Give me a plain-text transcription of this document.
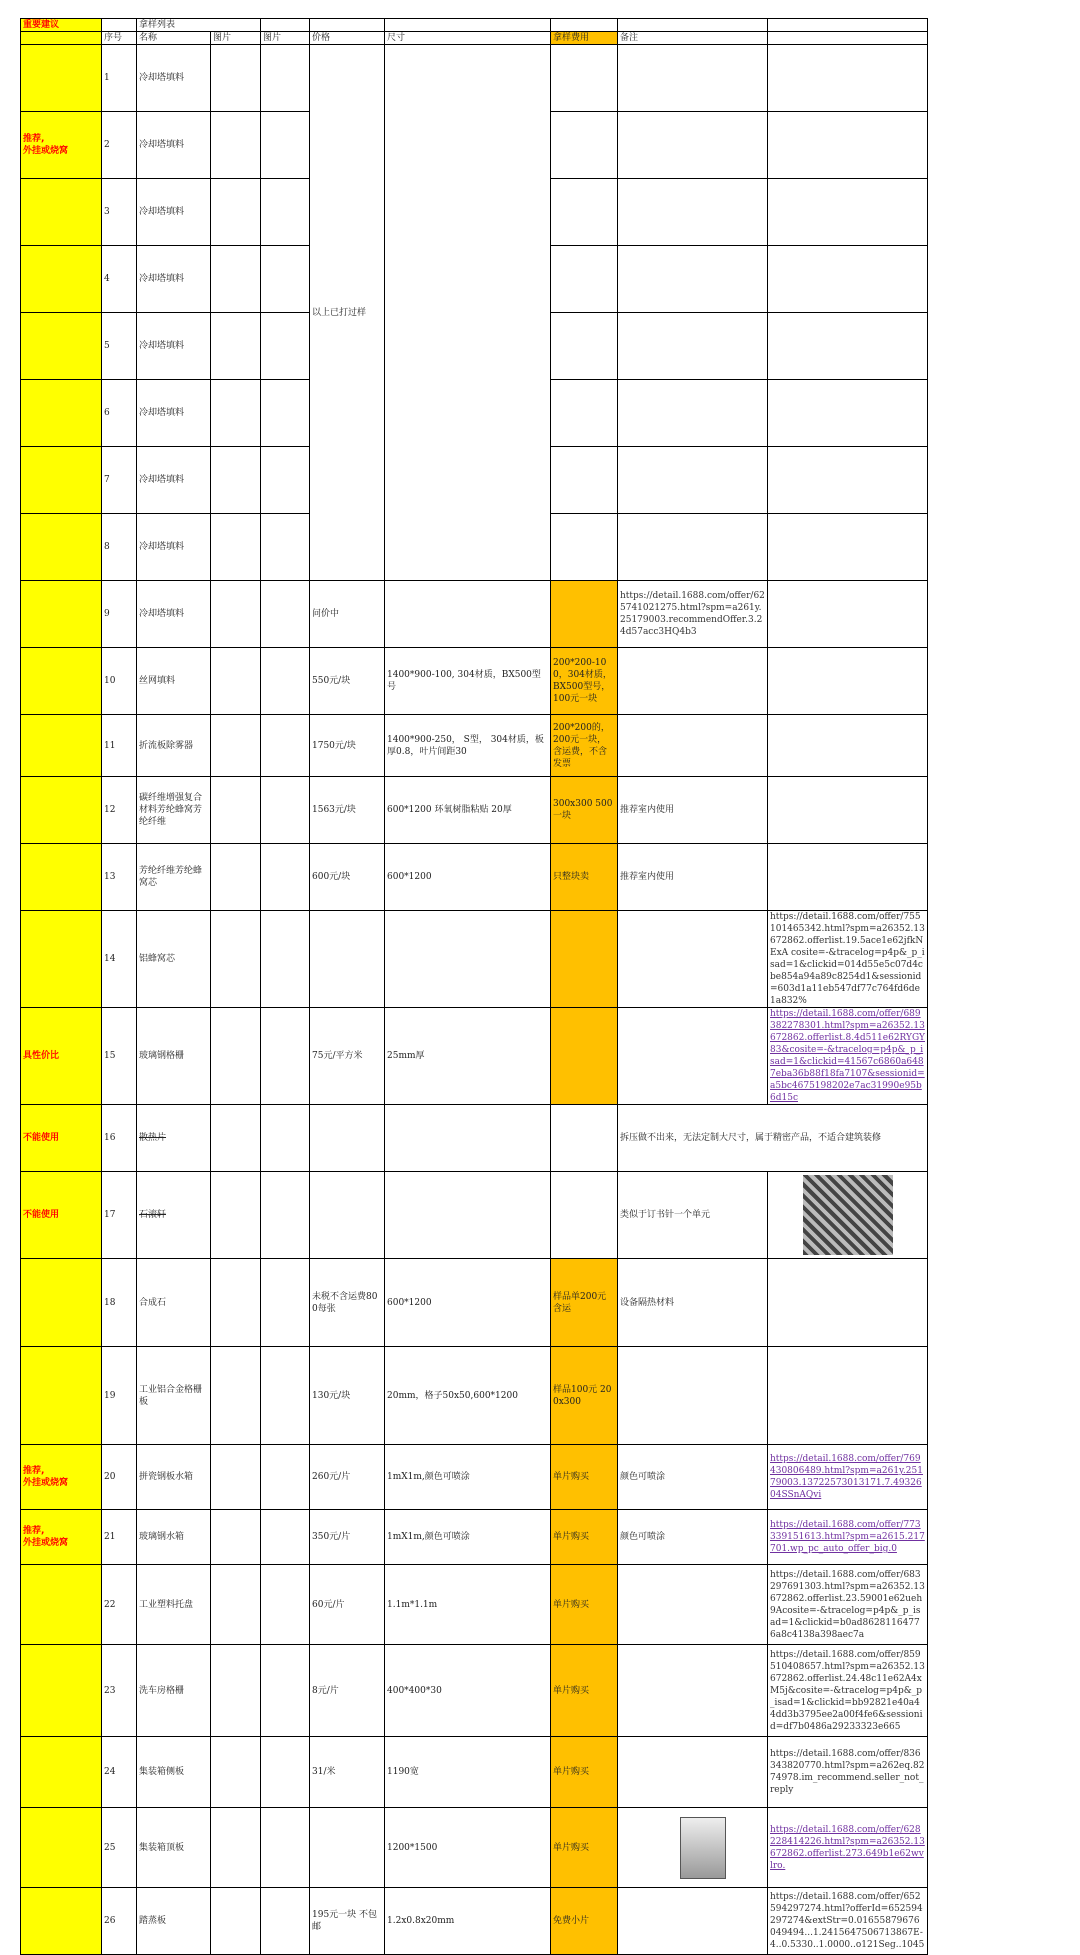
重要建议		拿样列表							
	序号	名称	图片	图片	价格	尺寸	拿样费用	备注	
	1	冷却塔填料			以上已打过样				
推荐,
外挂或烧窝	2	冷却塔填料			

	3	冷却塔填料			

	4	冷却塔填料			

	5	冷却塔填料			

	6	冷却塔填料			

	7	冷却塔填料			

	8	冷却塔填料			

	9	冷却塔填料			问价中			https://detail.1688.com/offer/625741021275.html?spm=a261y.25179003.recommendOffer.3.24d57acc3HQ4b3	
	10	丝网填料			550元/块	1400*900-100, 304材质，BX500型号	200*200-100，304材质，BX500型号， 100元一块		
	11	折流板除雾器			1750元/块	1400*900-250， S型， 304材质，板厚0.8，叶片间距30	200*200的， 200元一块，含运费，不含发票		
	12	碳纤维增强复合材料芳纶蜂窝芳纶纤维			1563元/块	600*1200 环氧树脂粘贴 20厚	300x300 500一块	推荐室内使用	
	13	芳纶纤维芳纶蜂窝芯			600元/块	600*1200	只整块卖	推荐室内使用	
	14	铝蜂窝芯							https://detail.1688.com/offer/755101465342.html?spm=a26352.13672862.offerlist.19.5ace1e62jfkNExA cosite=-&tracelog=p4p&_p_isad=1&clickid=014d55e5c07d4cbe854a94a89c8254d1&sessionid=603d1a11eb547df77c764fd6de1a832%
具性价比	15	玻璃钢格栅			75元/平方米	25mm厚			https://detail.1688.com/offer/689382278301.html?spm=a26352.13672862.offerlist.8.4d511e62RYGY83&cosite=-&tracelog=p4p&_p_isad=1&clickid=41567c6860a6487eba36b88f18fa7107&sessionid=a5bc4675198202e7ac31990e95b6d15c
不能使用	16	散热片						拆压做不出来，无法定制大尺寸，属于精密产品，不适合建筑装修	
不能使用	17	石滚轩						类似于订书针一个单元	

	18	合成石			未税不含运费800每张	600*1200	样品单200元含运	设备隔热材料	
	19	工业铝合金格栅板			130元/块	20mm，格子50x50,600*1200	样品100元 200x300		
推荐,
外挂或烧窝	20	拼瓷钢板水箱			260元/片	1mX1m,颜色可喷涂	单片购买	颜色可喷涂	https://detail.1688.com/offer/769430806489.html?spm=a261y.25179003.13722573013171.7.4932604SSnAQvi
推荐,
外挂或烧窝	21	玻璃钢水箱			350元/片	1mX1m,颜色可喷涂	单片购买	颜色可喷涂	https://detail.1688.com/offer/773339151613.html?spm=a2615.217701.wp_pc_auto_offer_big.0
	22	工业塑料托盘			60元/片	1.1m*1.1m	单片购买		https://detail.1688.com/offer/683297691303.html?spm=a26352.13672862.offerlist.23.59001e62ueh9Acosite=-&tracelog=p4p&_p_isad=1&clickid=b0ad86281164776a8c4138a398aec7a
	23	洗车房格栅			8元/片	400*400*30	单片购买		https://detail.1688.com/offer/859510408657.html?spm=a26352.13672862.offerlist.24.48c11e62A4xM5j&cosite=-&tracelog=p4p&_p_isad=1&clickid=bb92821e40a44dd3b3795ee2a00f4fe6&sessionid=df7b0486a29233323e665
	24	集装箱侧板			31/米	1190宽	单片购买		https://detail.1688.com/offer/836343820770.html?spm=a262eq.8274978.im_recommend.seller_not_reply
	25	集装箱顶板				1200*1500	单片购买		https://detail.1688.com/offer/628228414226.html?spm=a26352.13672862.offerlist.273.649b1e62wvlro.
	26	踏蒸板			195元一块 不包邮	1.2x0.8x20mm	免费小片		https://detail.1688.com/offer/652594297274.html?offerId=652594297274&extStr=0.01655879676049494...1.2415647506713867E-4..0.5330..1.0000..o121Seg..1045
